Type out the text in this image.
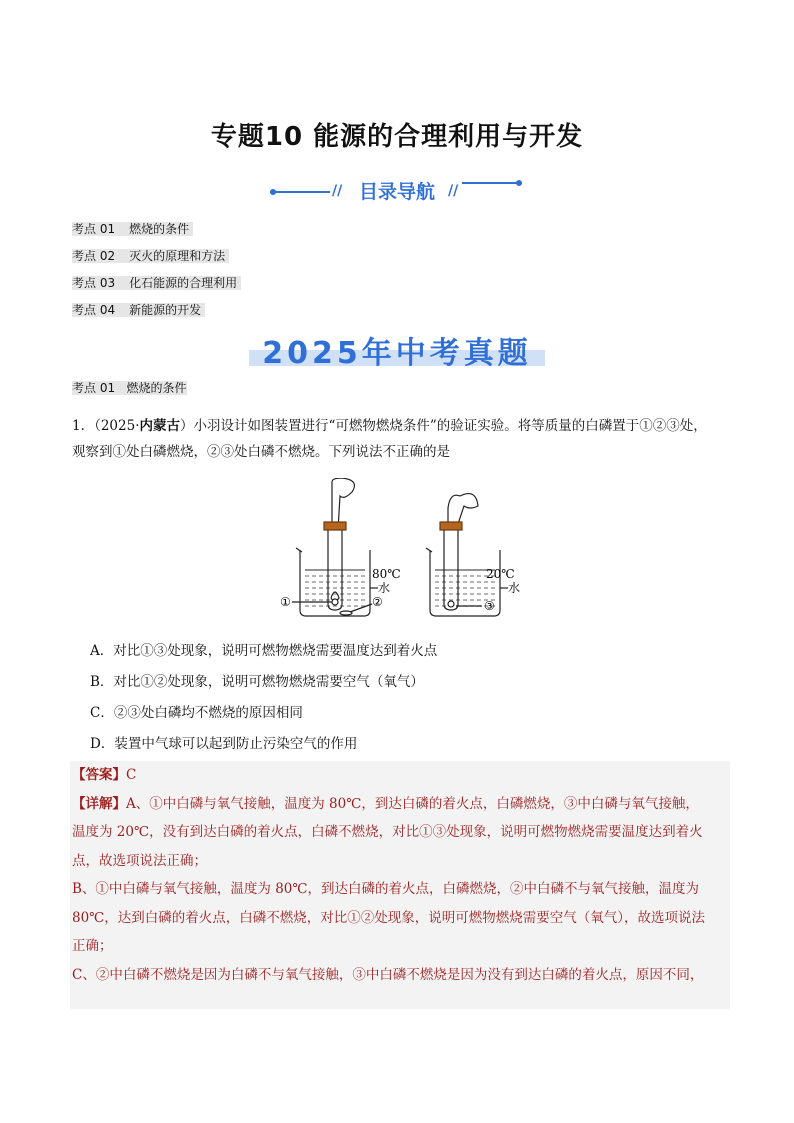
专题10 能源的合理利用与开发
// 目录导航 //
考点 01 燃烧的条件
考点 02 灭火的原理和方法
考点 03 化石能源的合理利用
考点 04 新能源的开发
2025年中考真题
考点 01 燃烧的条件
1．（2025·内蒙古）小羽设计如图装置进行“可燃物燃烧条件”的验证实验。将等质量的白磷置于①②③处，
观察到①处白磷燃烧，②③处白磷不燃烧。下列说法不正确的是
80℃
水
20℃
水
①	②	③
A．对比①③处现象，说明可燃物燃烧需要温度达到着火点
B．对比①②处现象，说明可燃物燃烧需要空气（氧气）
C．②③处白磷均不燃烧的原因相同
D．装置中气球可以起到防止污染空气的作用
【答案】C
【详解】A、①中白磷与氧气接触，温度为 80℃，到达白磷的着火点，白磷燃烧，③中白磷与氧气接触，
温度为 20℃，没有到达白磷的着火点，白磷不燃烧，对比①③处现象，说明可燃物燃烧需要温度达到着火
点，故选项说法正确；
B、①中白磷与氧气接触，温度为 80℃，到达白磷的着火点，白磷燃烧，②中白磷不与氧气接触，温度为
80℃，达到白磷的着火点，白磷不燃烧，对比①②处现象，说明可燃物燃烧需要空气（氧气），故选项说法
正确；
C、②中白磷不燃烧是因为白磷不与氧气接触，③中白磷不燃烧是因为没有到达白磷的着火点，原因不同，
